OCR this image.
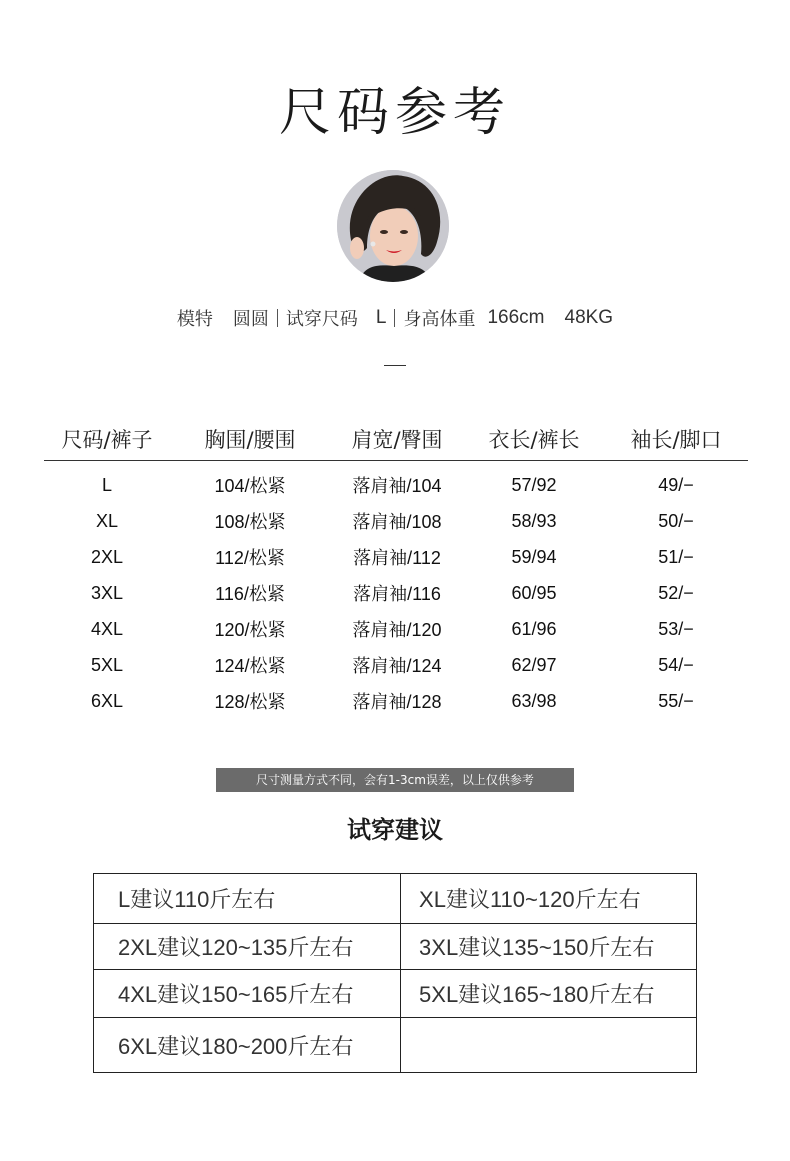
尺码参考
模特 圆圆 试穿尺码 L 身高体重 166cm 48KG
尺码/裤子	胸围/腰围	肩宽/臀围	衣长/裤长	袖长/脚口
L	104/松紧	落肩袖/104	57/92	49/−
XL	108/松紧	落肩袖/108	58/93	50/−
2XL	112/松紧	落肩袖/112	59/94	51/−
3XL	116/松紧	落肩袖/116	60/95	52/−
4XL	120/松紧	落肩袖/120	61/96	53/−
5XL	124/松紧	落肩袖/124	62/97	54/−
6XL	128/松紧	落肩袖/128	63/98	55/−
尺寸测量方式不同，会有1-3cm误差，以上仅供参考
试穿建议
L建议110斤左右	XL建议110~120斤左右
2XL建议120~135斤左右	3XL建议135~150斤左右
4XL建议150~165斤左右	5XL建议165~180斤左右
6XL建议180~200斤左右	
